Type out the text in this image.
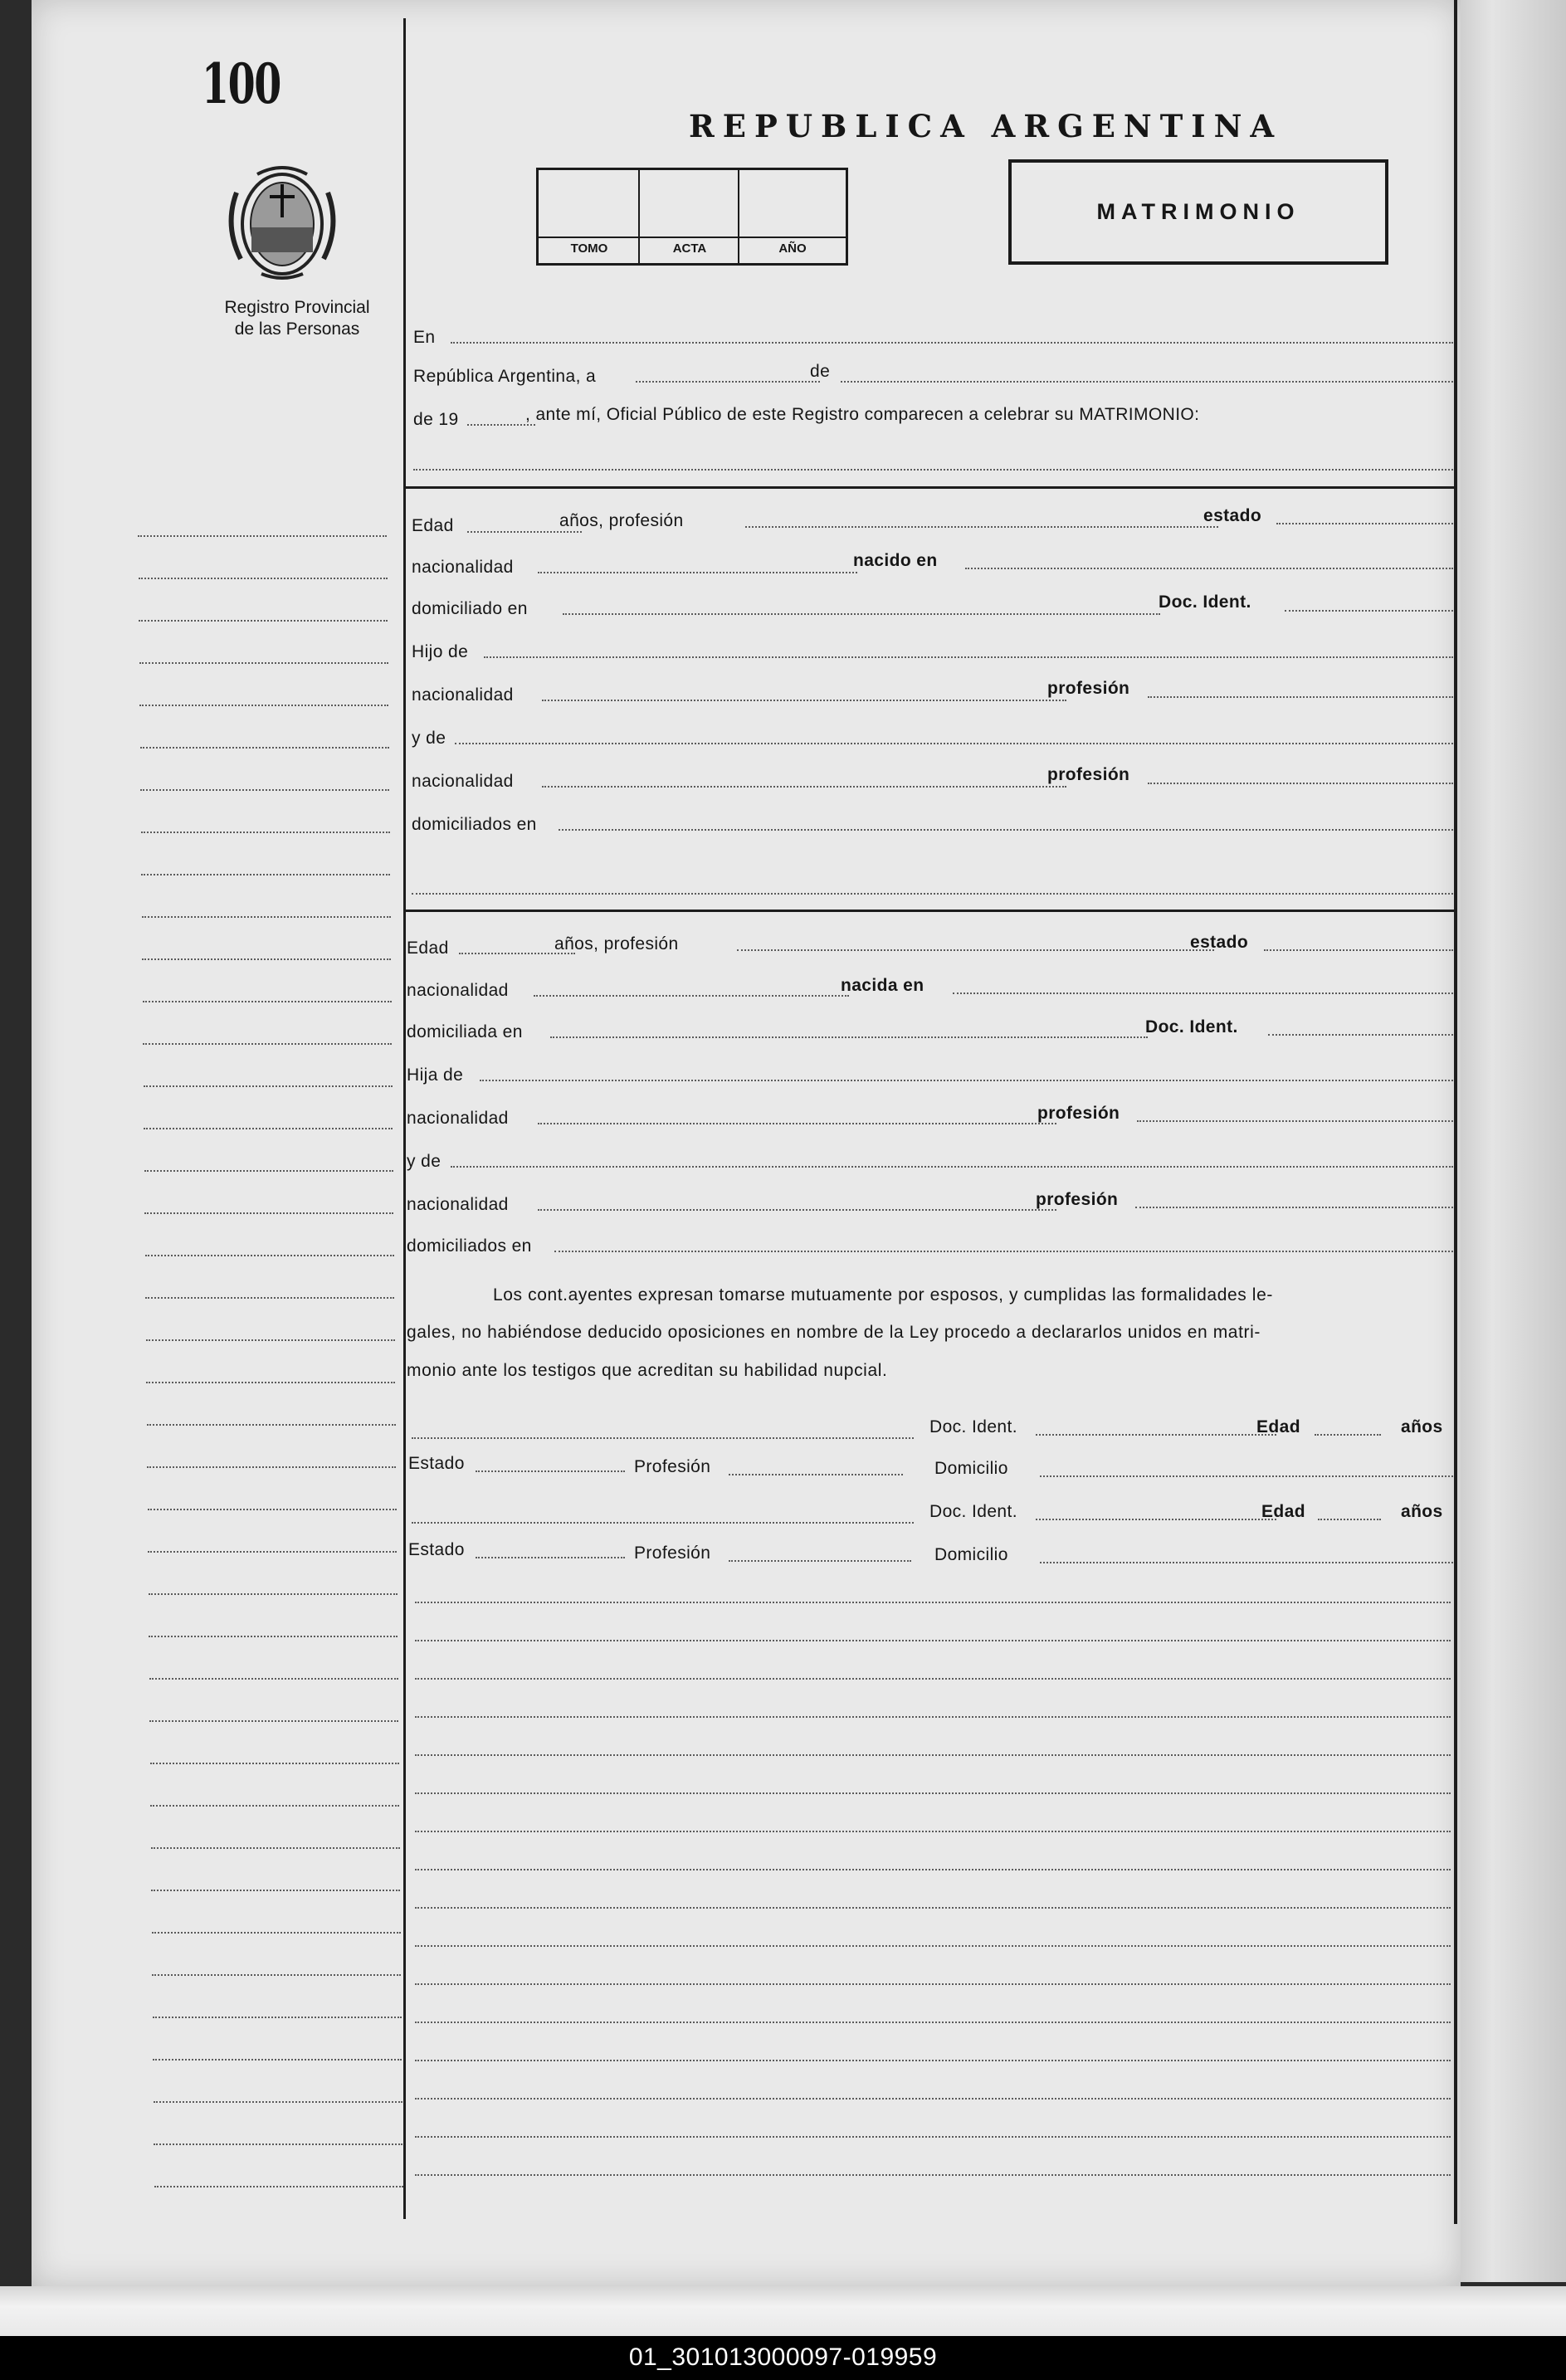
100
Registro Provincial
de las Personas
REPUBLICA ARGENTINA
TOMO	ACTA	AÑO
MATRIMONIO
En
República Argentina, a	de
de 19	, ante mí, Oficial Público de este Registro comparecen a celebrar su MATRIMONIO:
Edad	años, profesión	estado
nacionalidad	nacido en
domiciliado en	Doc. Ident.
Hijo de
nacionalidad	profesión
y de
nacionalidad	profesión
domiciliados en
Edad	años, profesión	estado
nacionalidad	nacida en
domiciliada en	Doc. Ident.
Hija de
nacionalidad	profesión
y de
nacionalidad	profesión
domiciliados en
Los cont.ayentes expresan tomarse mutuamente por esposos, y cumplidas las formalidades le-
gales, no habiéndose deducido oposiciones en nombre de la Ley procedo a declararlos unidos en matri-
monio ante los testigos que acreditan su habilidad nupcial.
Doc. Ident.	Edad	años
Estado	Profesión	Domicilio
Doc. Ident.	Edad	años
Estado	Profesión	Domicilio
01_301013000097-019959
